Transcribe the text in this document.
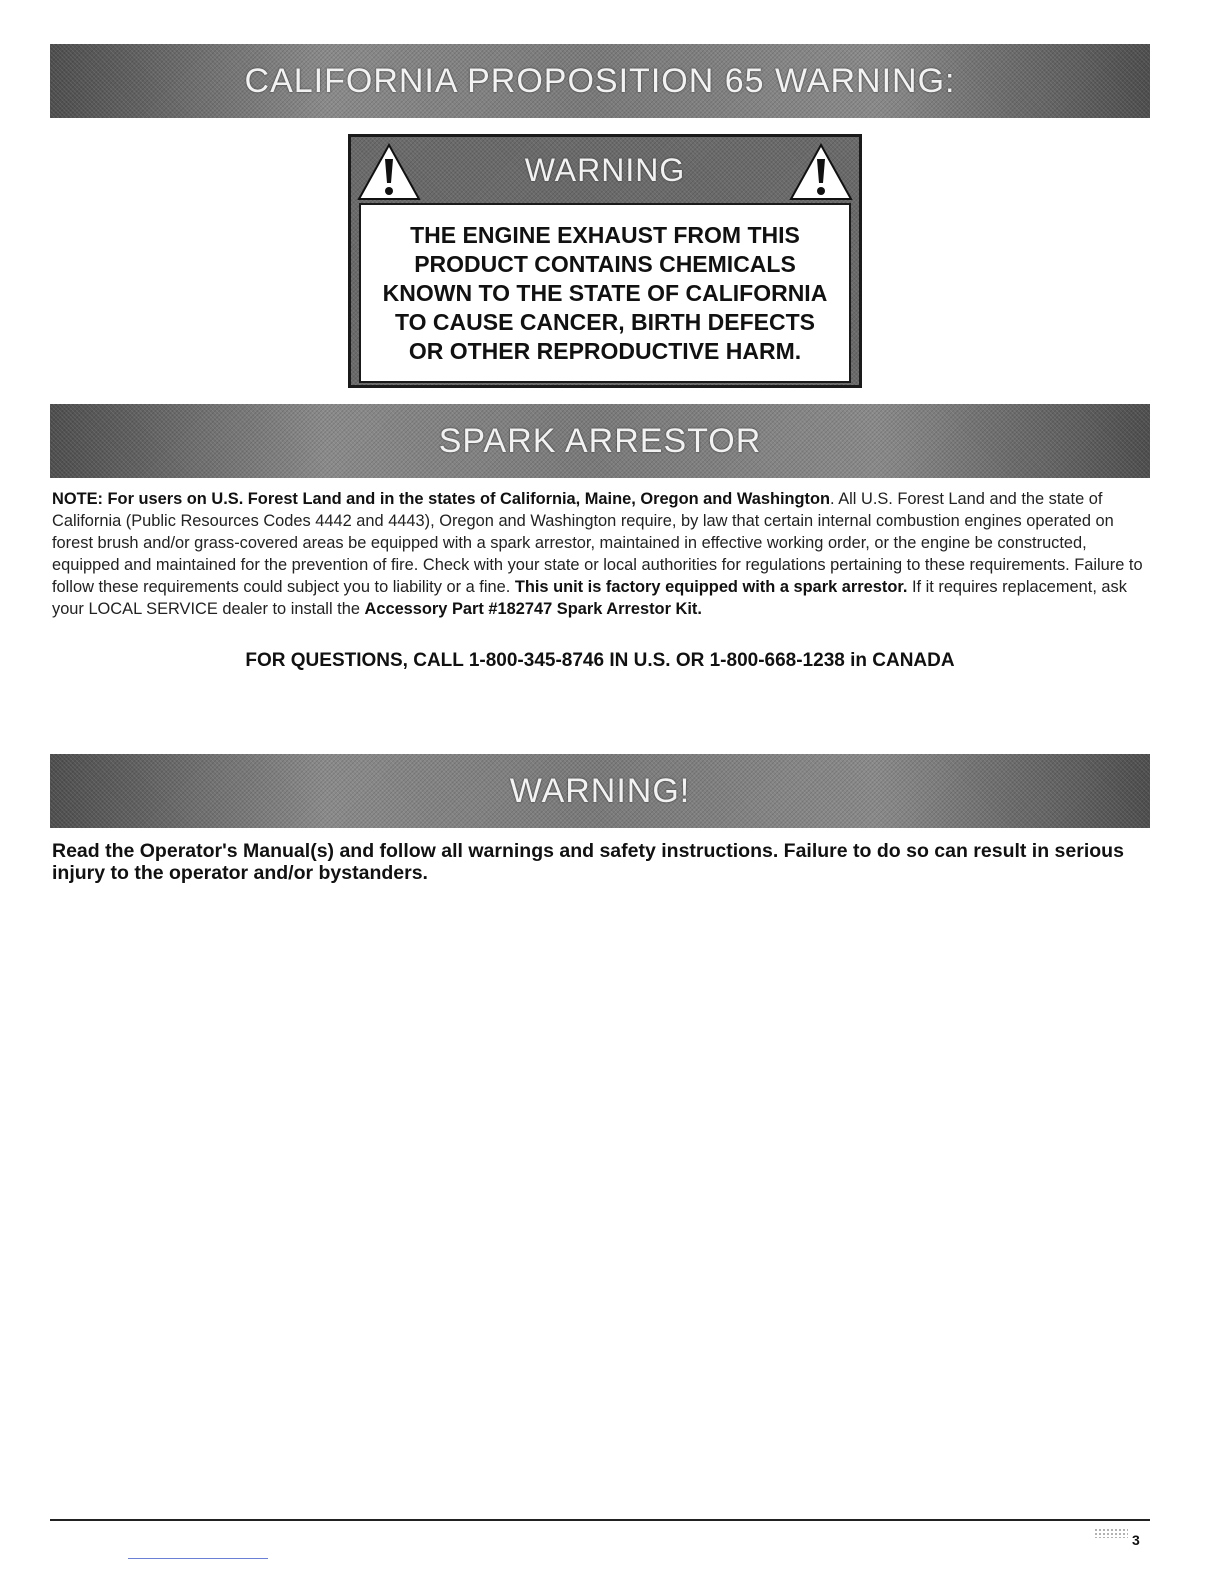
CALIFORNIA PROPOSITION 65 WARNING:
WARNING
THE ENGINE EXHAUST FROM THIS
PRODUCT CONTAINS CHEMICALS
KNOWN TO THE STATE OF CALIFORNIA
TO CAUSE CANCER, BIRTH DEFECTS
OR OTHER REPRODUCTIVE HARM.
SPARK ARRESTOR

NOTE: For users on U.S. Forest Land and in the states of California, Maine, Oregon and Washington. All U.S. Forest Land and the state of California (Public Resources Codes 4442 and 4443), Oregon and Washington require, by law that certain internal combustion engines operated on forest brush and/or grass-covered areas be equipped with a spark arrestor, maintained in effective working order, or the engine be constructed, equipped and maintained for the prevention of fire. Check with your state or local authorities for regulations pertaining to these requirements. Failure to follow these requirements could subject you to liability or a fine. This unit is factory equipped with a spark arrestor. If it requires replacement, ask your LOCAL SERVICE dealer to install the Accessory Part #182747 Spark Arrestor Kit.

FOR QUESTIONS, CALL 1-800-345-8746 IN U.S. OR 1-800-668-1238 in CANADA
WARNING!

Read the Operator's Manual(s) and follow all warnings and safety instructions. Failure to do so can result in serious injury to the operator and/or bystanders.

3
